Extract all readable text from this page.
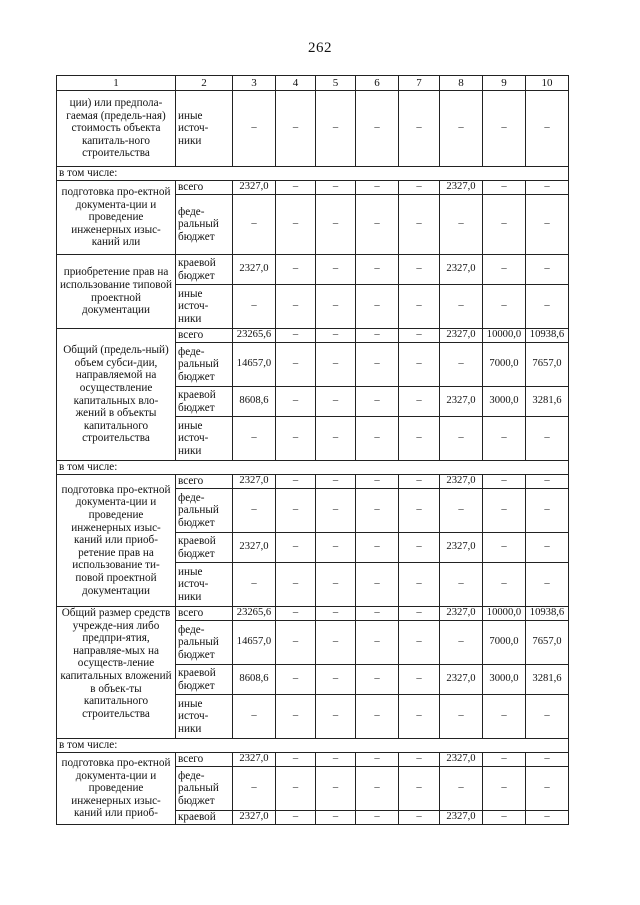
262
1	2	3	4	5	6	7	8	9	10
ции) или предпола-гаемая (предель-ная) стоимость объекта капиталь-ного строительства	иные источ-ники	–	–	–	–	–	–	–	–
в том числе:									
подготовка про-ектной документа-ции и проведение инженерных изыс-каний или	всего	2327,0	–	–	–	–	2327,0	–	–
	феде-ральный бюджет	–	–	–	–	–	–	–	–
приобретение прав на использование типовой проектной документации	краевой бюджет	2327,0	–	–	–	–	2327,0	–	–
	иные источ-ники	–	–	–	–	–	–	–	–
Общий (предель-ный) объем субси-дии, направляемой на осуществление капитальных вло-жений в объекты капитального строительства	всего	23265,6	–	–	–	–	2327,0	10000,0	10938,6
	феде-ральный бюджет	14657,0	–	–	–	–	–	7000,0	7657,0
	краевой бюджет	8608,6	–	–	–	–	2327,0	3000,0	3281,6
	иные источ-ники	–	–	–	–	–	–	–	–
в том числе:									
подготовка про-ектной документа-ции и проведение инженерных изыс-каний или приоб-ретение прав на использование ти-повой проектной документации	всего	2327,0	–	–	–	–	2327,0	–	–
	феде-ральный бюджет	–	–	–	–	–	–	–	–
	краевой бюджет	2327,0	–	–	–	–	2327,0	–	–
	иные источ-ники	–	–	–	–	–	–	–	–
Общий размер средств учрежде-ния либо предпри-ятия, направляе-мых на осуществ-ление капитальных вложений в объек-ты капитального строительства	всего	23265,6	–	–	–	–	2327,0	10000,0	10938,6
	феде-ральный бюджет	14657,0	–	–	–	–	–	7000,0	7657,0
	краевой бюджет	8608,6	–	–	–	–	2327,0	3000,0	3281,6
	иные источ-ники	–	–	–	–	–	–	–	–
в том числе:									
подготовка про-ектной документа-ции и проведение инженерных изыс-каний или приоб-	всего	2327,0	–	–	–	–	2327,0	–	–
	феде-ральный бюджет	–	–	–	–	–	–	–	–
	краевой	2327,0	–	–	–	–	2327,0	–	–
